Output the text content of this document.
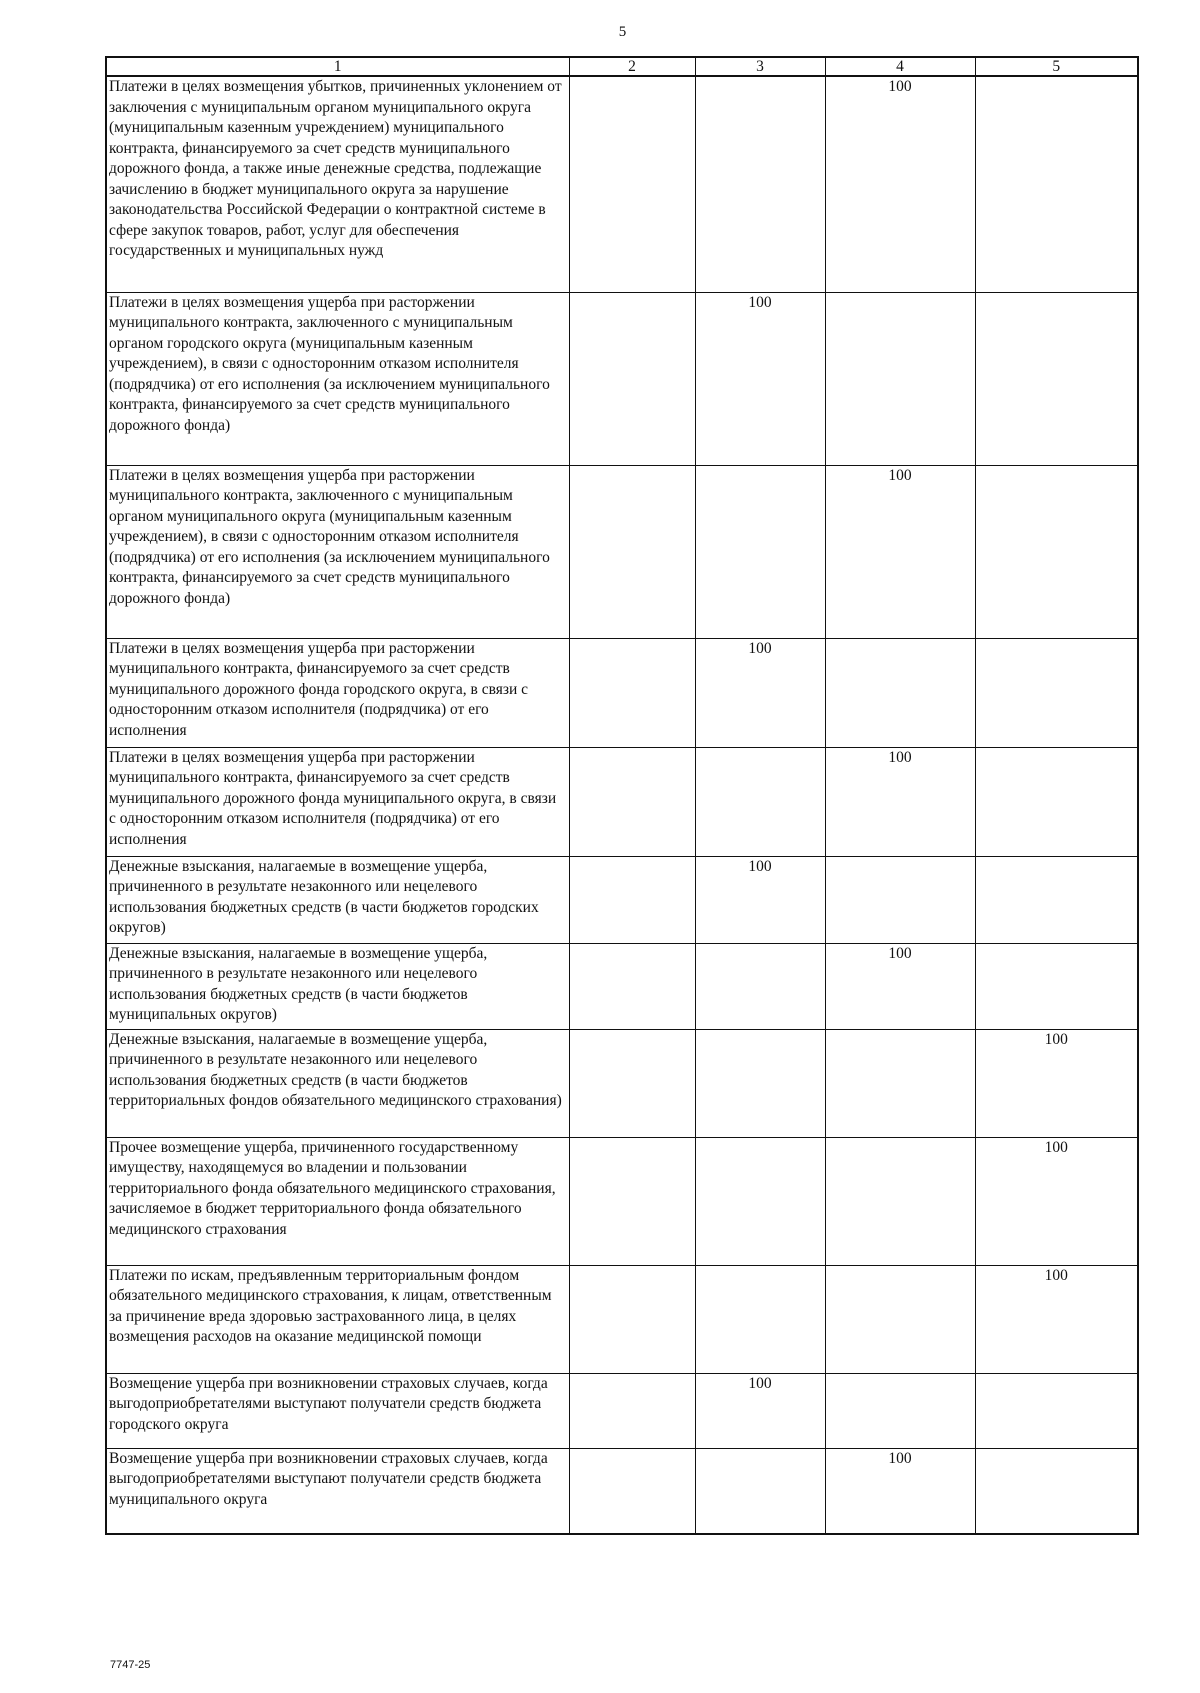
5
1	2	3	4	5
Платежи в целях возмещения убытков, причиненных уклонением от заключения с муниципальным органом муниципального округа (муниципальным казенным учреждением) муниципального контракта, финансируемого за счет средств муниципального дорожного фонда, а также иные денежные средства, подлежащие зачислению в бюджет муниципального округа за нарушение законодательства Российской Федерации о контрактной системе в сфере закупок товаров, работ, услуг для обеспечения государственных и муниципальных нужд			100	
Платежи в целях возмещения ущерба при расторжении муниципального контракта, заключенного с муниципальным органом городского округа (муниципальным казенным учреждением), в связи с односторонним отказом исполнителя (подрядчика) от его исполнения (за исключением муниципального контракта, финансируемого за счет средств муниципального дорожного фонда)		100		
Платежи в целях возмещения ущерба при расторжении муниципального контракта, заключенного с муниципальным органом муниципального округа (муниципальным казенным учреждением), в связи с односторонним отказом исполнителя (подрядчика) от его исполнения (за исключением муниципального контракта, финансируемого за счет средств муниципального дорожного фонда)			100	
Платежи в целях возмещения ущерба при расторжении муниципального контракта, финансируемого за счет средств муниципального дорожного фонда городского округа, в связи с односторонним отказом исполнителя (подрядчика) от его исполнения		100		
Платежи в целях возмещения ущерба при расторжении муниципального контракта, финансируемого за счет средств муниципального дорожного фонда муниципального округа, в связи с односторонним отказом исполнителя (подрядчика) от его исполнения			100	
Денежные взыскания, налагаемые в возмещение ущерба, причиненного в результате незаконного или нецелевого использования бюджетных средств (в части бюджетов городских округов)		100		
Денежные взыскания, налагаемые в возмещение ущерба, причиненного в результате незаконного или нецелевого использования бюджетных средств (в части бюджетов муниципальных округов)			100	
Денежные взыскания, налагаемые в возмещение ущерба, причиненного в результате незаконного или нецелевого использования бюджетных средств (в части бюджетов территориальных фондов обязательного медицинского страхования)				100
Прочее возмещение ущерба, причиненного государственному имуществу, находящемуся во владении и пользовании территориального фонда обязательного медицинского страхования, зачисляемое в бюджет территориального фонда обязательного медицинского страхования				100
Платежи по искам, предъявленным территориальным фондом обязательного медицинского страхования, к лицам, ответственным за причинение вреда здоровью застрахованного лица, в целях возмещения расходов на оказание медицинской помощи				100
Возмещение ущерба при возникновении страховых случаев, когда выгодоприобретателями выступают получатели средств бюджета городского округа		100		
Возмещение ущерба при возникновении страховых случаев, когда выгодоприобретателями выступают получатели средств бюджета муниципального округа			100	
7747-25
